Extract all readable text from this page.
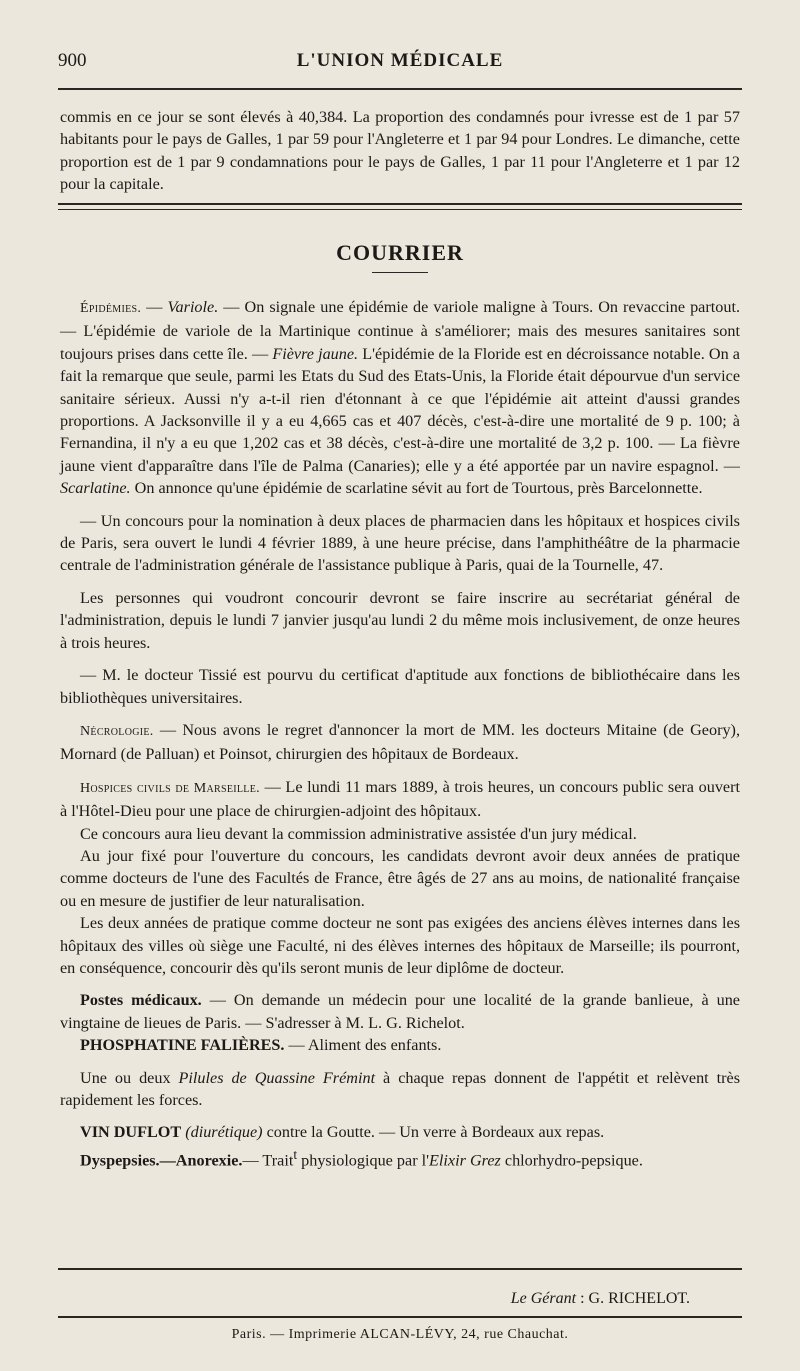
900	L'UNION MÉDICALE

commis en ce jour se sont élevés à 40,384. La proportion des condamnés pour ivresse est de 1 par 57 habitants pour le pays de Galles, 1 par 59 pour l'Angleterre et 1 par 94 pour Londres. Le dimanche, cette proportion est de 1 par 9 condamnations pour le pays de Galles, 1 par 11 pour l'Angleterre et 1 par 12 pour la capitale.

COURRIER

Épidémies. — Variole. — On signale une épidémie de variole maligne à Tours. On revaccine partout. — L'épidémie de variole de la Martinique continue à s'améliorer; mais des mesures sanitaires sont toujours prises dans cette île. — Fièvre jaune. L'épidémie de la Floride est en décroissance notable. On a fait la remarque que seule, parmi les Etats du Sud des Etats-Unis, la Floride était dépourvue d'un service sanitaire sérieux. Aussi n'y a-t-il rien d'étonnant à ce que l'épidémie ait atteint d'aussi grandes proportions. A Jacksonville il y a eu 4,665 cas et 407 décès, c'est-à-dire une mortalité de 9 p. 100; à Fernandina, il n'y a eu que 1,202 cas et 38 décès, c'est-à-dire une mortalité de 3,2 p. 100. — La fièvre jaune vient d'apparaître dans l'île de Palma (Canaries); elle y a été apportée par un navire espagnol. — Scarlatine. On annonce qu'une épidémie de scarlatine sévit au fort de Tourtous, près Barcelonnette.

— Un concours pour la nomination à deux places de pharmacien dans les hôpitaux et hospices civils de Paris, sera ouvert le lundi 4 février 1889, à une heure précise, dans l'amphithéâtre de la pharmacie centrale de l'administration générale de l'assistance publique à Paris, quai de la Tournelle, 47.

Les personnes qui voudront concourir devront se faire inscrire au secrétariat général de l'administration, depuis le lundi 7 janvier jusqu'au lundi 2 du même mois inclusivement, de onze heures à trois heures.

— M. le docteur Tissié est pourvu du certificat d'aptitude aux fonctions de bibliothécaire dans les bibliothèques universitaires.

Nécrologie. — Nous avons le regret d'annoncer la mort de MM. les docteurs Mitaine (de Geory), Mornard (de Palluan) et Poinsot, chirurgien des hôpitaux de Bordeaux.

Hospices civils de Marseille. — Le lundi 11 mars 1889, à trois heures, un concours public sera ouvert à l'Hôtel-Dieu pour une place de chirurgien-adjoint des hôpitaux.

Ce concours aura lieu devant la commission administrative assistée d'un jury médical.

Au jour fixé pour l'ouverture du concours, les candidats devront avoir deux années de pratique comme docteurs de l'une des Facultés de France, être âgés de 27 ans au moins, de nationalité française ou en mesure de justifier de leur naturalisation.

Les deux années de pratique comme docteur ne sont pas exigées des anciens élèves internes dans les hôpitaux des villes où siège une Faculté, ni des élèves internes des hôpitaux de Marseille; ils pourront, en conséquence, concourir dès qu'ils seront munis de leur diplôme de docteur.

Postes médicaux. — On demande un médecin pour une localité de la grande banlieue, à une vingtaine de lieues de Paris. — S'adresser à M. L. G. Richelot.

PHOSPHATINE FALIÈRES. — Aliment des enfants.

Une ou deux Pilules de Quassine Frémint à chaque repas donnent de l'appétit et relèvent très rapidement les forces.

VIN DUFLOT (diurétique) contre la Goutte. — Un verre à Bordeaux aux repas.

Dyspepsies.—Anorexie.— Trait$^t$ physiologique par l'Elixir Grez chlorhydro-pepsique.

Le Gérant : G. RICHELOT.
Paris. — Imprimerie ALCAN-LÉVY, 24, rue Chauchat.
